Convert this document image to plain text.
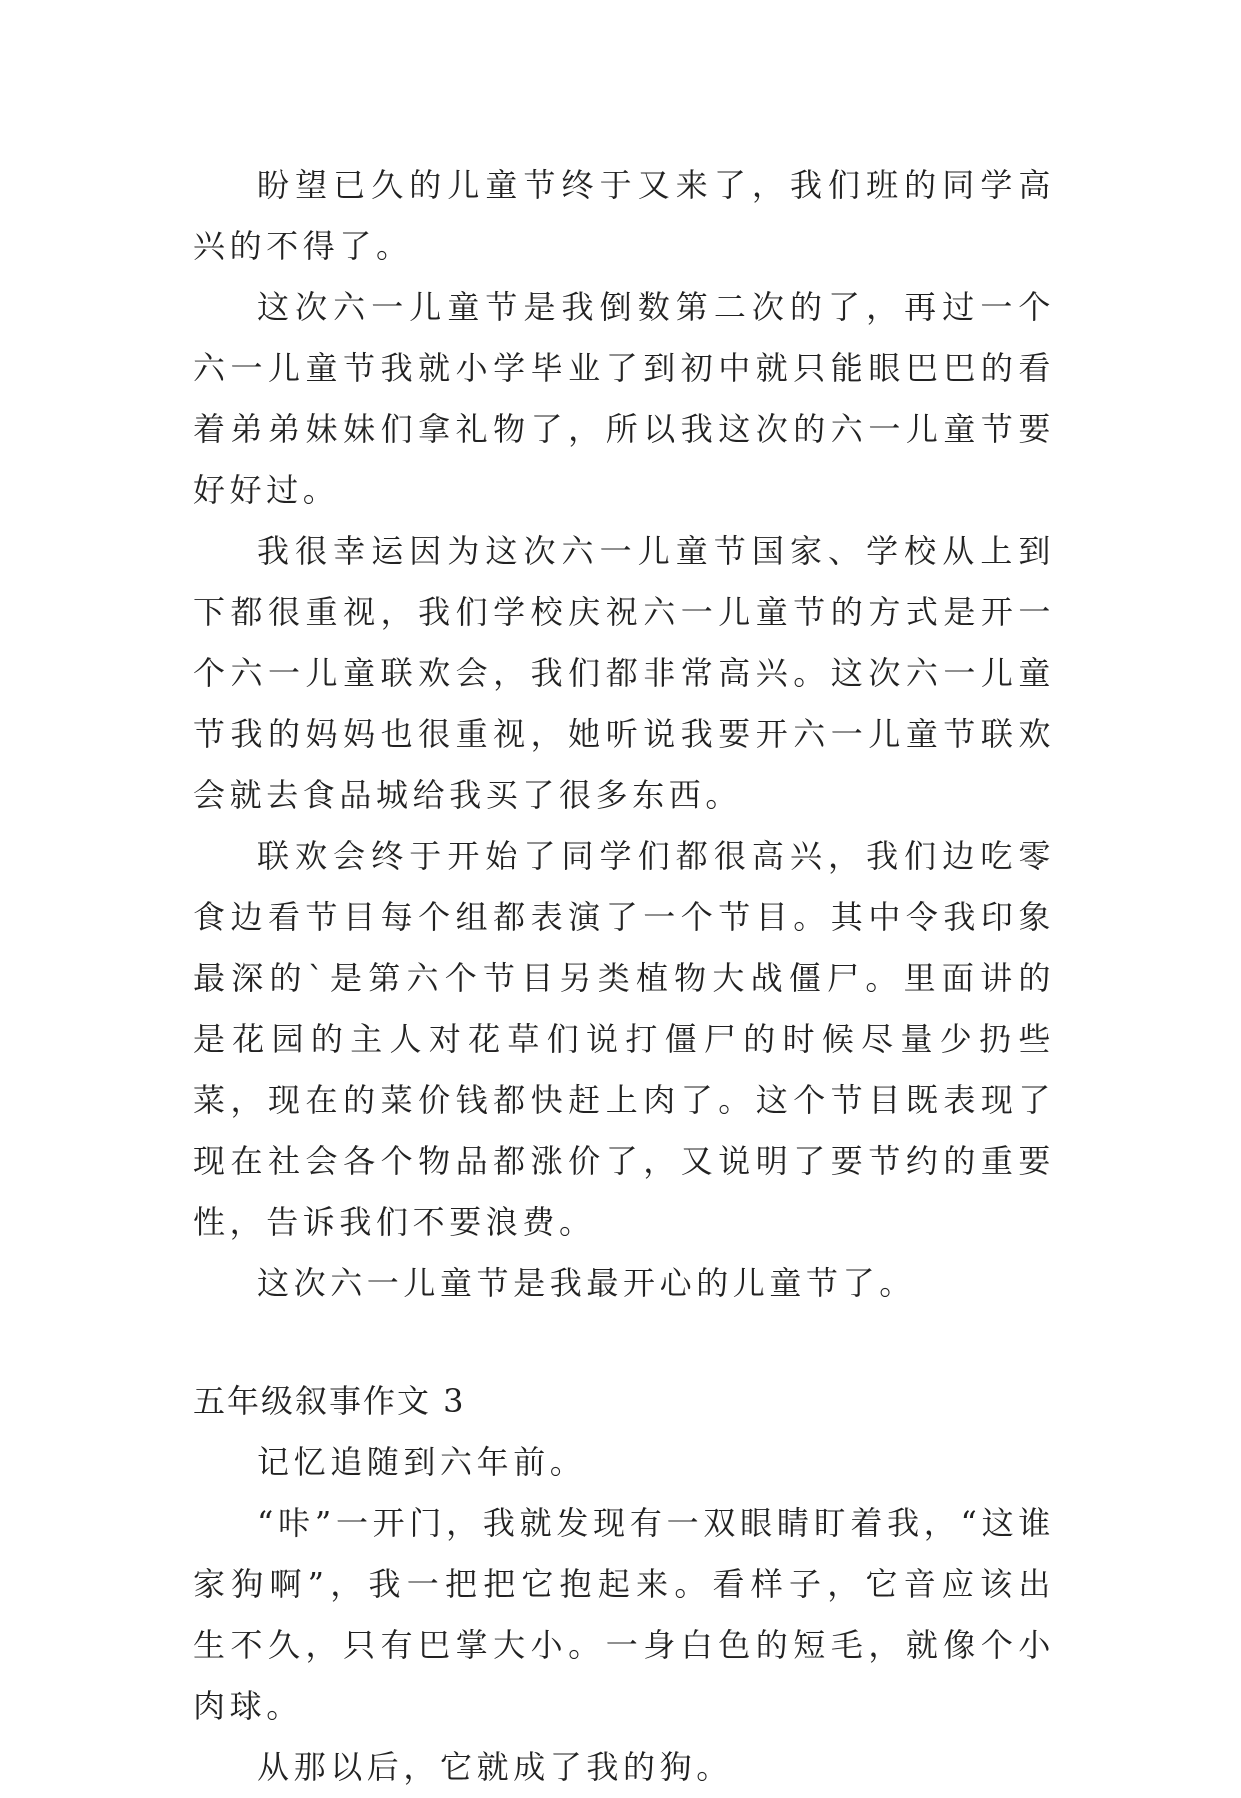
盼望已久的儿童节终于又来了，我们班的同学高兴的不得了。

这次六一儿童节是我倒数第二次的了，再过一个六一儿童节我就小学毕业了到初中就只能眼巴巴的看着弟弟妹妹们拿礼物了，所以我这次的六一儿童节要好好过。

我很幸运因为这次六一儿童节国家、学校从上到下都很重视，我们学校庆祝六一儿童节的方式是开一个六一儿童联欢会，我们都非常高兴。这次六一儿童节我的妈妈也很重视，她听说我要开六一儿童节联欢会就去食品城给我买了很多东西。

联欢会终于开始了同学们都很高兴，我们边吃零食边看节目每个组都表演了一个节目。其中令我印象最深的`是第六个节目另类植物大战僵尸。里面讲的是花园的主人对花草们说打僵尸的时候尽量少扔些菜，现在的菜价钱都快赶上肉了。这个节目既表现了现在社会各个物品都涨价了，又说明了要节约的重要性，告诉我们不要浪费。

这次六一儿童节是我最开心的儿童节了。

五年级叙事作文 3

记忆追随到六年前。

“咔”一开门，我就发现有一双眼睛盯着我，“这谁家狗啊”，我一把把它抱起来。看样子，它音应该出生不久，只有巴掌大小。一身白色的短毛，就像个小肉球。

从那以后，它就成了我的狗。
